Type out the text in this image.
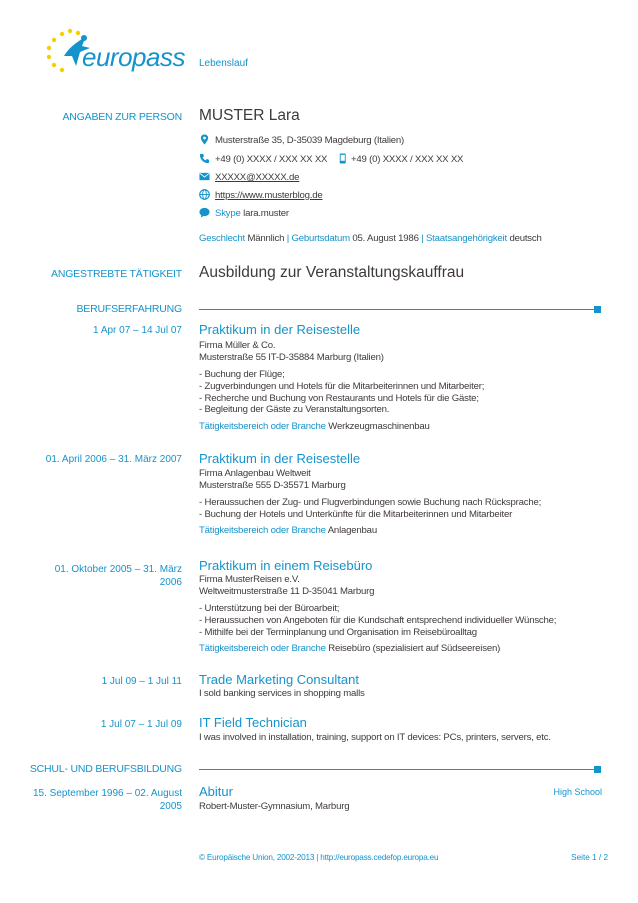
europass Lebenslauf
ANGABEN ZUR PERSON MUSTER Lara
Musterstraße 35, D-35039 Magdeburg (Italien)
+49 (0) XXXX / XXX XX XX +49 (0) XXXX / XXX XX XX
XXXXX@XXXXX.de
https://www.musterblog.de
Skype lara.muster
Geschlecht Männlich | Geburtsdatum 05. August 1986 | Staatsangehörigkeit deutsch
ANGESTREBTE TÄTIGKEIT Ausbildung zur Veranstaltungskauffrau
BERUFSERFAHRUNG
1 Apr 07 – 14 Jul 07 Praktikum in der Reisestelle
Firma Müller & Co.
Musterstraße 55 IT-D-35884 Marburg (Italien)
- Buchung der Flüge;
- Zugverbindungen und Hotels für die Mitarbeiterinnen und Mitarbeiter;
- Recherche und Buchung von Restaurants und Hotels für die Gäste;
- Begleitung der Gäste zu Veranstaltungsorten.
Tätigkeitsbereich oder Branche Werkzeugmaschinenbau
01. April 2006 – 31. März 2007 Praktikum in der Reisestelle
Firma Anlagenbau Weltweit
Musterstraße 555 D-35571 Marburg
- Heraussuchen der Zug- und Flugverbindungen sowie Buchung nach Rücksprache;
- Buchung der Hotels und Unterkünfte für die Mitarbeiterinnen und Mitarbeiter
Tätigkeitsbereich oder Branche Anlagenbau
01. Oktober 2005 – 31. März
2006
Praktikum in einem Reisebüro
Firma MusterReisen e.V.
Weltweitmusterstraße 11 D-35041 Marburg
- Unterstützung bei der Büroarbeit;
- Heraussuchen von Angeboten für die Kundschaft entsprechend individueller Wünsche;
- Mithilfe bei der Terminplanung und Organisation im Reisebüroalltag
Tätigkeitsbereich oder Branche Reisebüro (spezialisiert auf Südseereisen)
1 Jul 09 – 1 Jul 11 Trade Marketing Consultant
I sold banking services in shopping malls
1 Jul 07 – 1 Jul 09 IT Field Technician
I was involved in installation, training, support on IT devices: PCs, printers, servers, etc.
SCHUL- UND BERUFSBILDUNG
15. September 1996 – 02. August
2005
Abitur	High School
Robert-Muster-Gymnasium, Marburg
© Europäische Union, 2002-2013 | http://europass.cedefop.europa.eu	Seite 1 / 2
